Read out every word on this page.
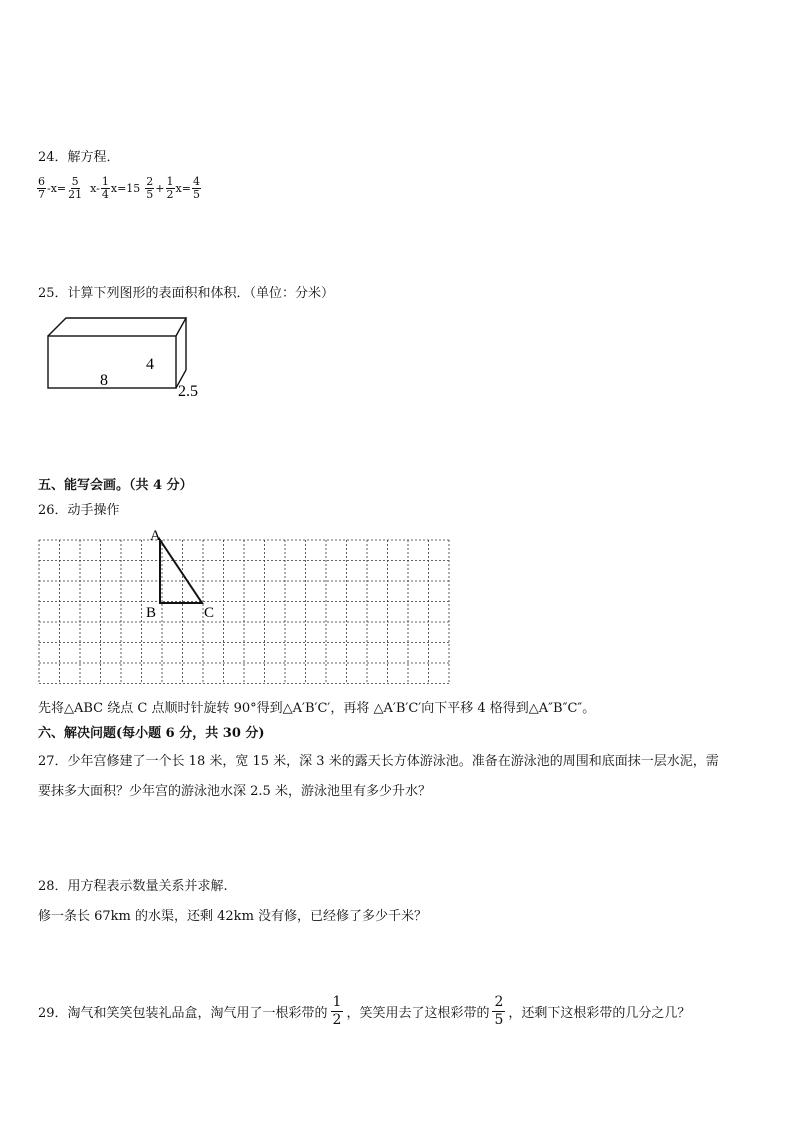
24．解方程．
$\frac{6}{7} -x= \frac{5}{21} x- \frac{1}{4} x=15 \frac{2}{5} + \frac{1}{2} x= \frac{4}{5}$
25．计算下列图形的表面积和体积．（单位：分米）
8
4
2.5
五、能写会画。（共 4 分）
26．动手操作
A
B	C
先将△ABC 绕点 C 点顺时针旋转 90°得到△A′B′C′，再将 △A′B′C′向下平移 4 格得到△A″B″C″。
六、解决问题(每小题 6 分，共 30 分)
27．少年宫修建了一个长 18 米，宽 15 米，深 3 米的露天长方体游泳池。准备在游泳池的周围和底面抹一层水泥，需
要抹多大面积？少年宫的游泳池水深 2.5 米，游泳池里有多少升水？
28．用方程表示数量关系并求解.
修一条长 67km 的水渠，还剩 42km 没有修，已经修了多少千米？
29．淘气和笑笑包装礼品盒，淘气用了一根彩带的 $\frac{1}{2}$ ，笑笑用去了这根彩带的 $\frac{2}{5}$ ，还剩下这根彩带的几分之几？
